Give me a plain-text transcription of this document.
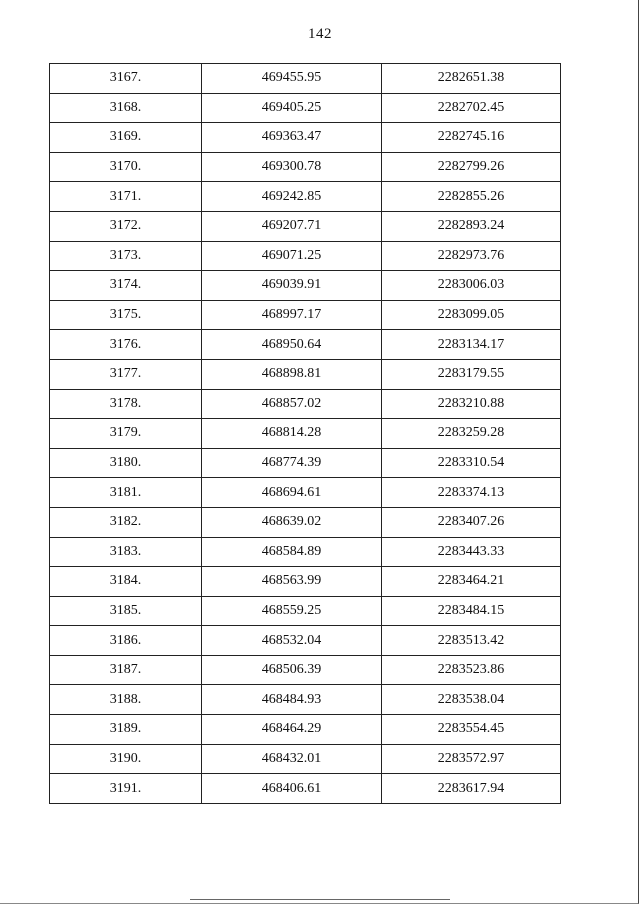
142
3167.	469455.95	2282651.38
3168.	469405.25	2282702.45
3169.	469363.47	2282745.16
3170.	469300.78	2282799.26
3171.	469242.85	2282855.26
3172.	469207.71	2282893.24
3173.	469071.25	2282973.76
3174.	469039.91	2283006.03
3175.	468997.17	2283099.05
3176.	468950.64	2283134.17
3177.	468898.81	2283179.55
3178.	468857.02	2283210.88
3179.	468814.28	2283259.28
3180.	468774.39	2283310.54
3181.	468694.61	2283374.13
3182.	468639.02	2283407.26
3183.	468584.89	2283443.33
3184.	468563.99	2283464.21
3185.	468559.25	2283484.15
3186.	468532.04	2283513.42
3187.	468506.39	2283523.86
3188.	468484.93	2283538.04
3189.	468464.29	2283554.45
3190.	468432.01	2283572.97
3191.	468406.61	2283617.94
